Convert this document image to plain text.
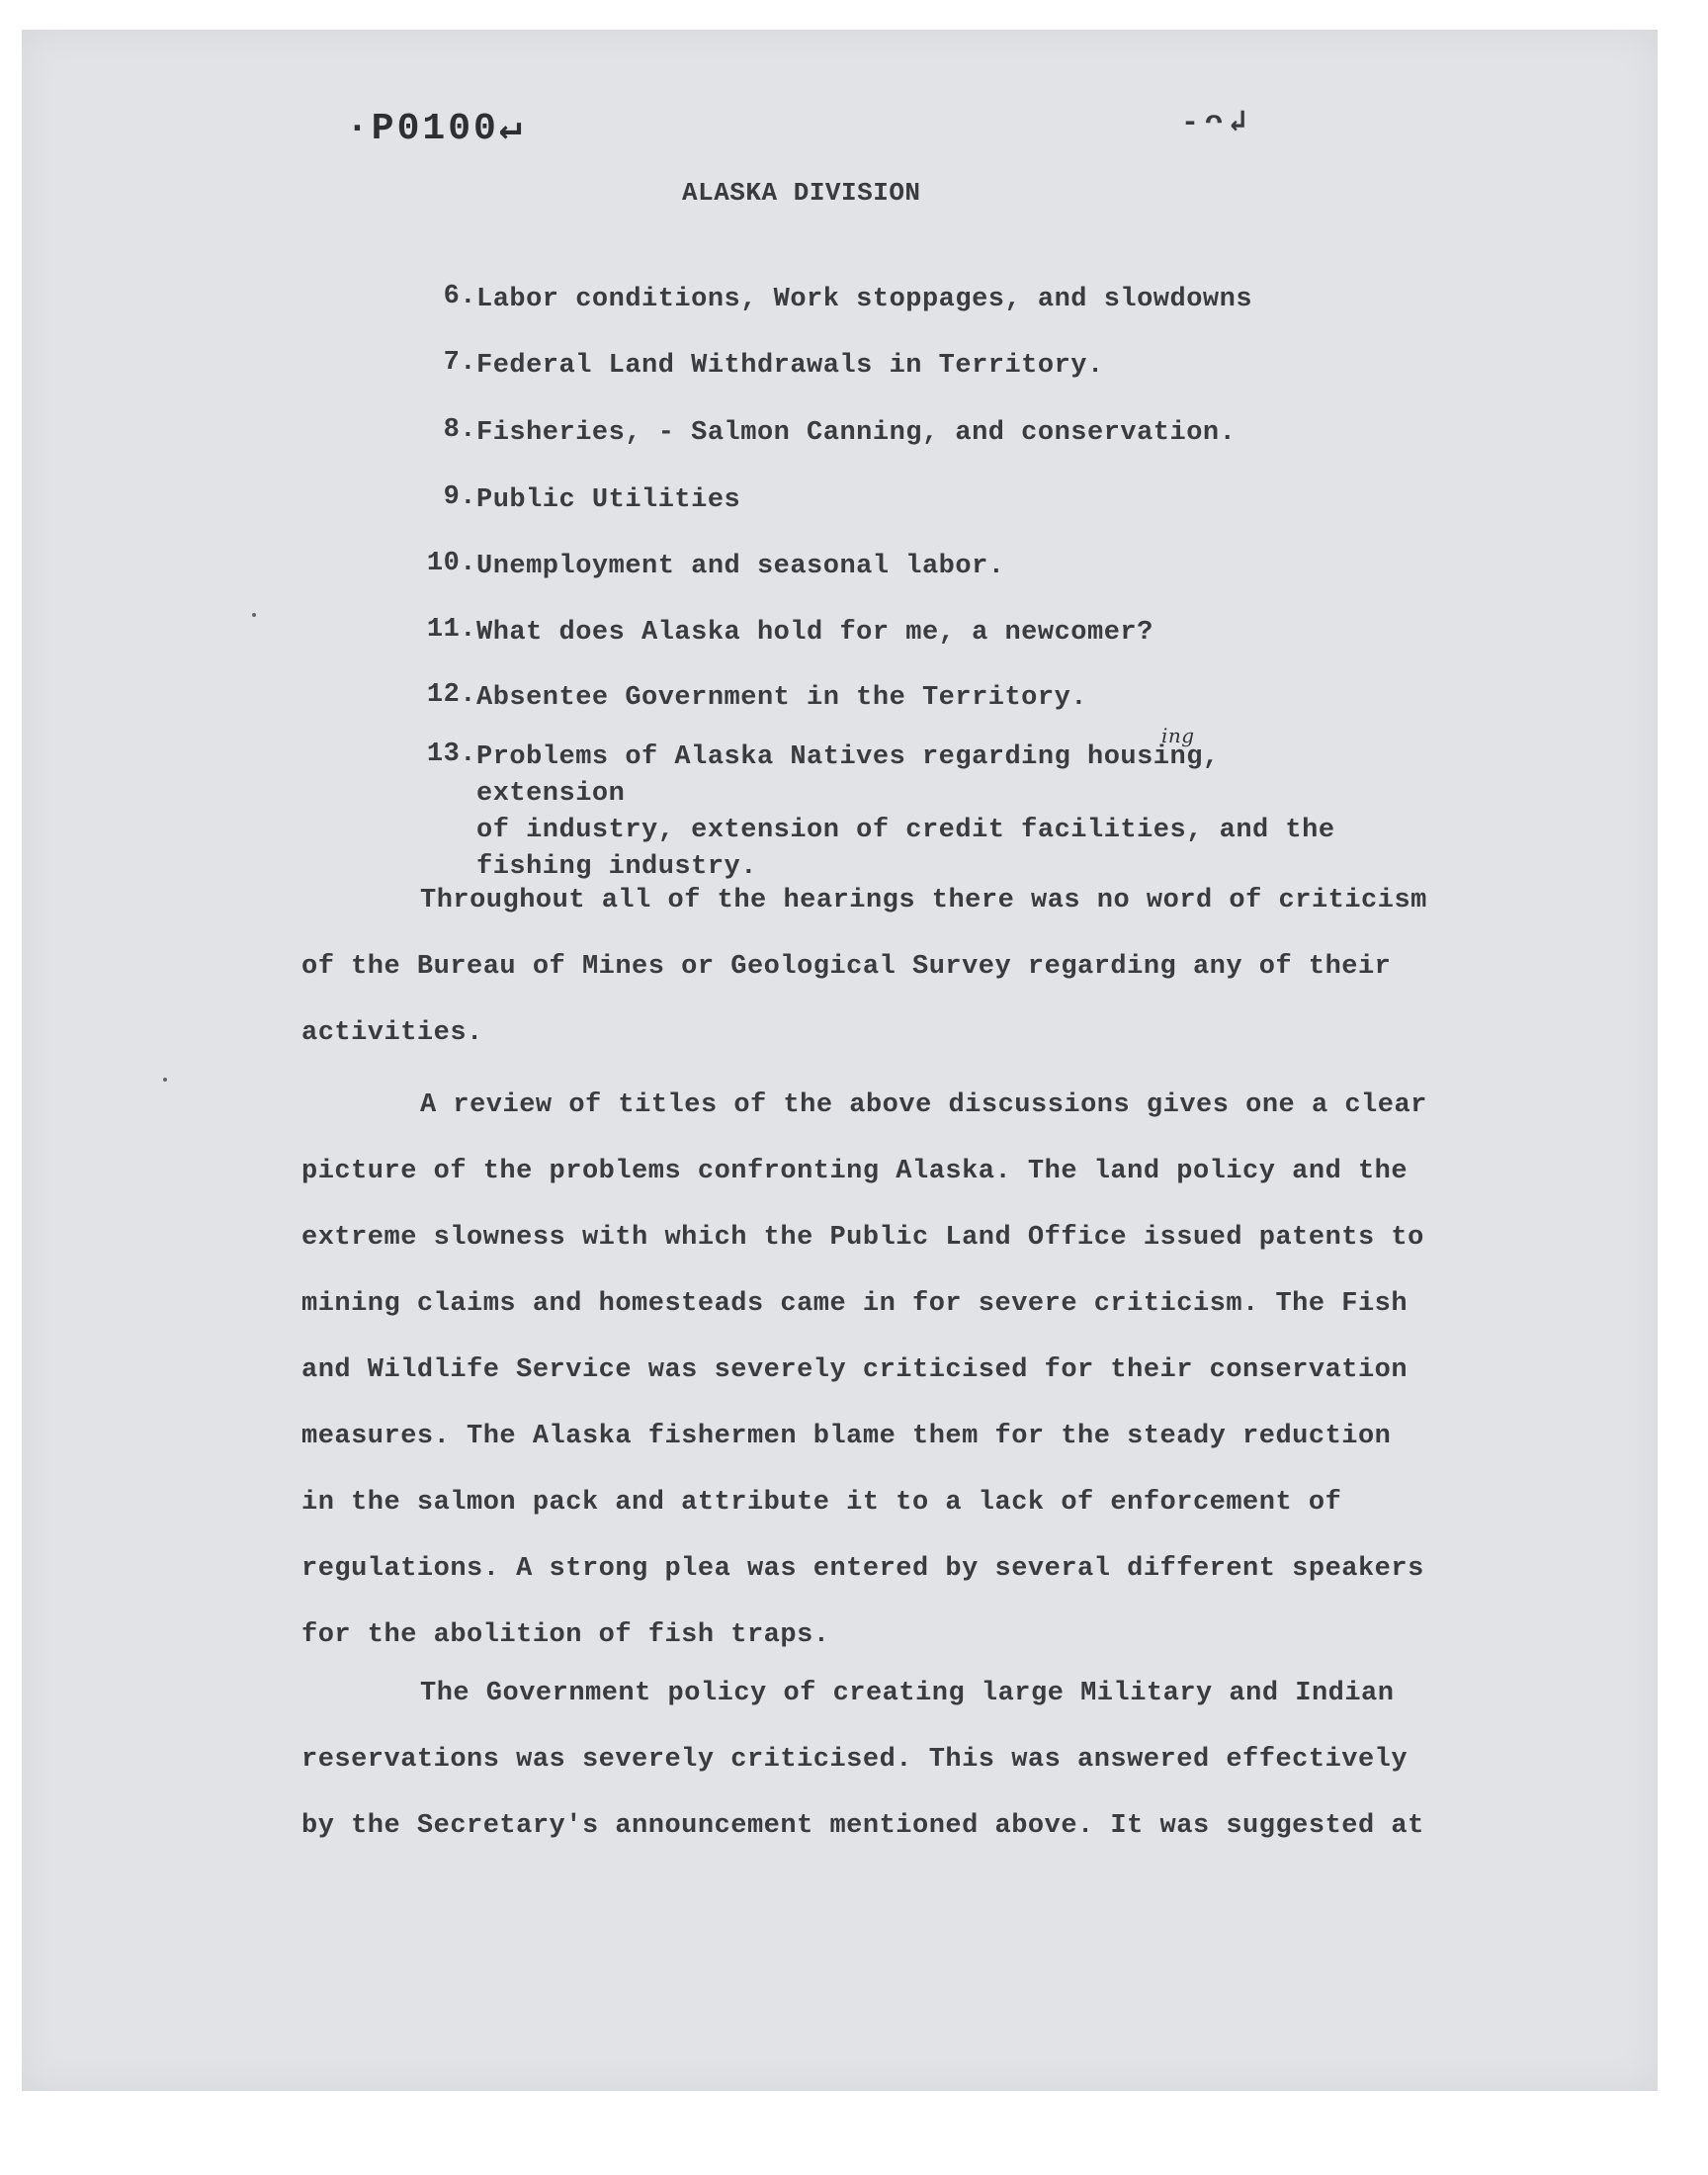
·P0100↵	-ᴖ↲
ALASKA DIVISION
6.Labor conditions, Work stoppages, and slowdowns
7.Federal Land Withdrawals in Territory.
8.Fisheries, - Salmon Canning, and conservation.
9.Public Utilities
10.Unemployment and seasonal labor.
11.What does Alaska hold for me, a newcomer?
12.Absentee Government in the Territory.
13. Problems of Alaska Natives regarding housing, extension
of industry, extension of credit facilities, and the
fishing industry.
ing
Throughout all of the hearings there was no word of criticism
of the Bureau of Mines or Geological Survey regarding any of their
activities.
A review of titles of the above discussions gives one a clear
picture of the problems confronting Alaska. The land policy and the
extreme slowness with which the Public Land Office issued patents to
mining claims and homesteads came in for severe criticism. The Fish
and Wildlife Service was severely criticised for their conservation
measures. The Alaska fishermen blame them for the steady reduction
in the salmon pack and attribute it to a lack of enforcement of
regulations. A strong plea was entered by several different speakers
for the abolition of fish traps.
The Government policy of creating large Military and Indian
reservations was severely criticised. This was answered effectively
by the Secretary's announcement mentioned above. It was suggested at
